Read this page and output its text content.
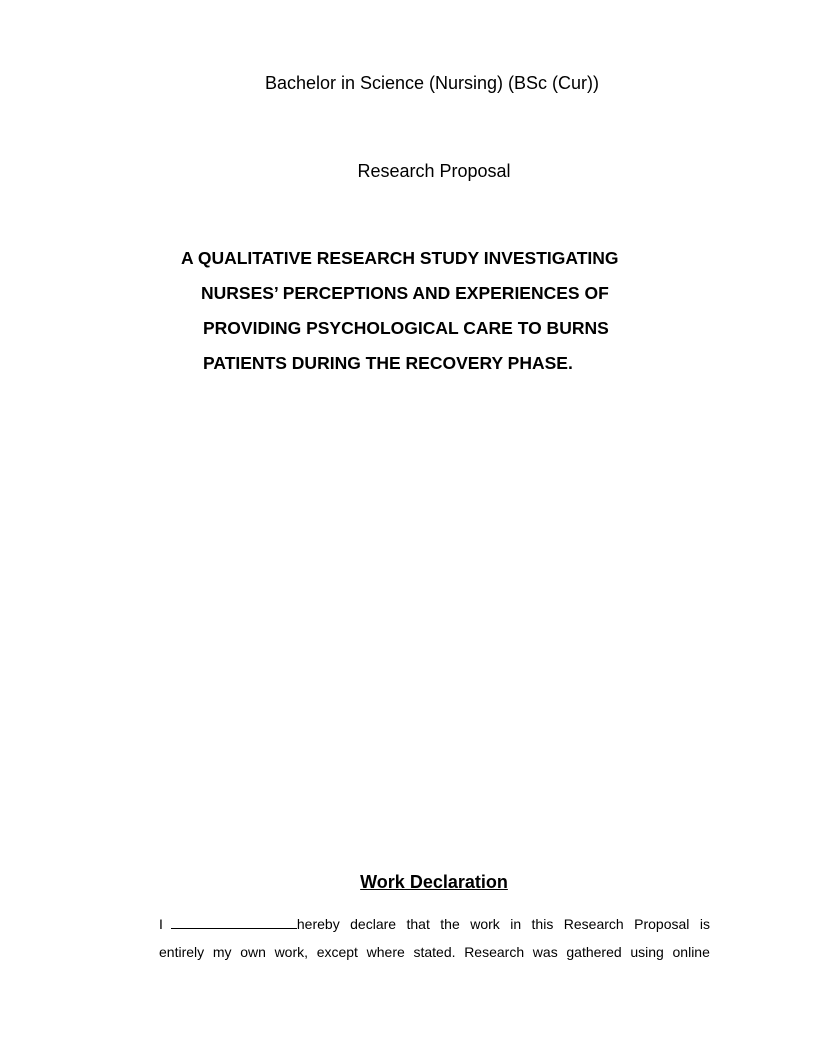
Bachelor in Science (Nursing) (BSc (Cur))
Research Proposal
A QUALITATIVE RESEARCH STUDY INVESTIGATING
NURSES’ PERCEPTIONS AND EXPERIENCES OF
PROVIDING PSYCHOLOGICAL CARE TO BURNS
PATIENTS DURING THE RECOVERY PHASE.
Work Declaration
I	hereby declare that the work in this Research Proposal is
entirely my own work, except where stated. Research was gathered using online
